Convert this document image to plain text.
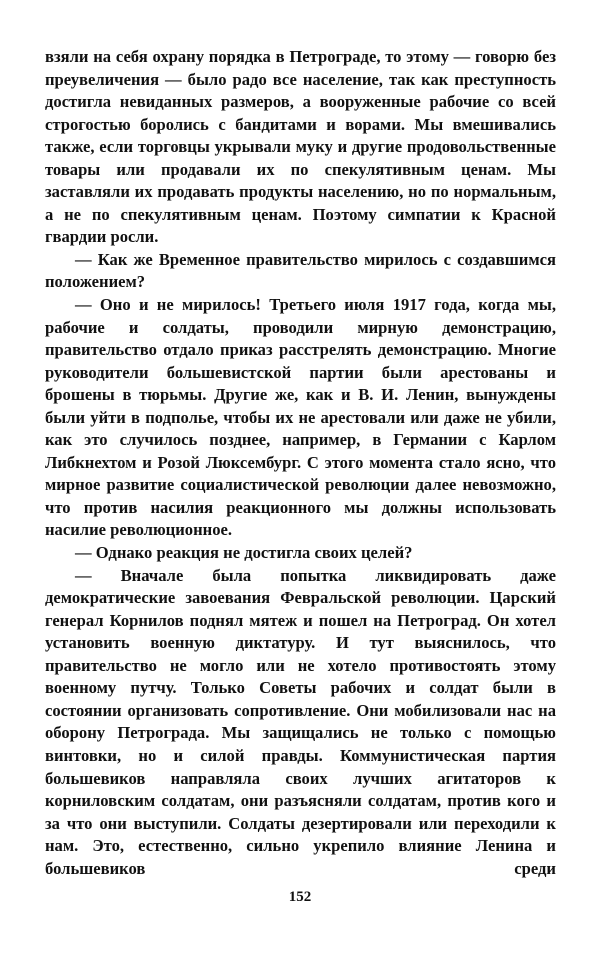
взяли на себя охрану порядка в Петрограде, то этому — говорю без преувеличения — было радо все население, так как преступность достигла невиданных размеров, а вооруженные рабочие со всей строгостью боролись с бандитами и ворами. Мы вмешивались также, если торговцы укрывали муку и другие продовольственные товары или продавали их по спекулятивным ценам. Мы заставляли их продавать продукты населению, но по нормальным, а не по спекулятивным ценам. Поэтому симпатии к Красной гвардии росли.

— Как же Временное правительство мирилось с создавшимся положением?

— Оно и не мирилось! Третьего июля 1917 года, когда мы, рабочие и солдаты, проводили мирную демонстрацию, правительство отдало приказ расстрелять демонстрацию. Многие руководители большевистской партии были арестованы и брошены в тюрьмы. Другие же, как и В. И. Ленин, вынуждены были уйти в подполье, чтобы их не арестовали или даже не убили, как это случилось позднее, например, в Германии с Карлом Либкнехтом и Розой Люксембург. С этого момента стало ясно, что мирное развитие социалистической революции далее невозможно, что против насилия реакционного мы должны использовать насилие революционное.

— Однако реакция не достигла своих целей?

— Вначале была попытка ликвидировать даже демократические завоевания Февральской революции. Царский генерал Корнилов поднял мятеж и пошел на Петроград. Он хотел установить военную диктатуру. И тут выяснилось, что правительство не могло или не хотело противостоять этому военному путчу. Только Советы рабочих и солдат были в состоянии организовать сопротивление. Они мобилизовали нас на оборону Петрограда. Мы защищались не только с помощью винтовки, но и силой правды. Коммунистическая партия большевиков направляла своих лучших агитаторов к корниловским солдатам, они разъясняли солдатам, против кого и за что они выступили. Солдаты дезертировали или переходили к нам. Это, естественно, сильно укрепило влияние Ленина и большевиков среди

152
